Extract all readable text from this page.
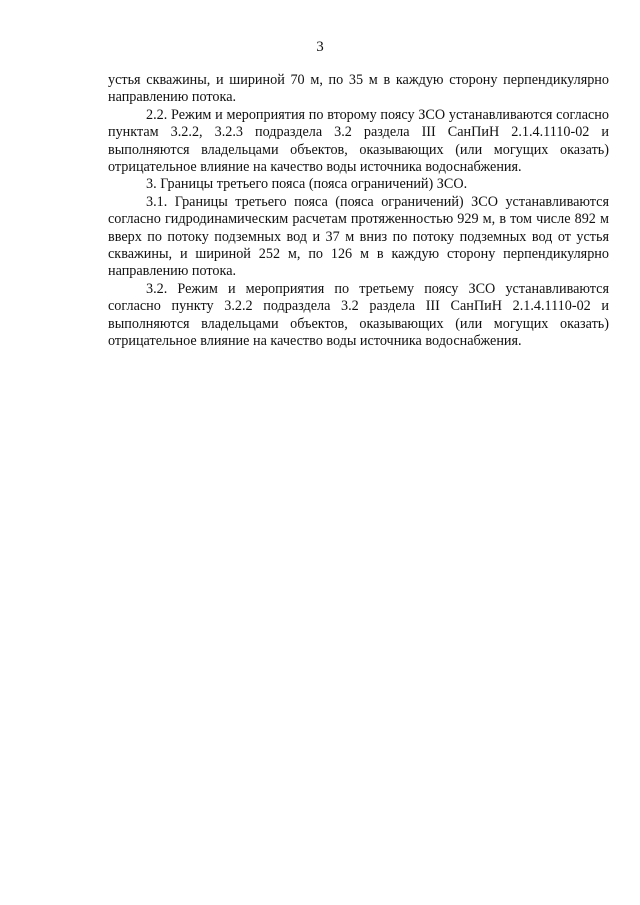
3

устья скважины, и шириной 70 м, по 35 м в каждую сторону перпендикулярно направлению потока.

2.2. Режим и мероприятия по второму поясу ЗСО устанавливаются согласно пунктам 3.2.2, 3.2.3 подраздела 3.2 раздела III СанПиН 2.1.4.1110-02 и выполняются владельцами объектов, оказывающих (или могущих оказать) отрицательное влияние на качество воды источника водоснабжения.

3. Границы третьего пояса (пояса ограничений) ЗСО.

3.1. Границы третьего пояса (пояса ограничений) ЗСО устанавливаются согласно гидродинамическим расчетам протяженностью 929 м, в том числе 892 м вверх по потоку подземных вод и 37 м вниз по потоку подземных вод от устья скважины, и шириной 252 м, по 126 м в каждую сторону перпендикулярно направлению потока.

3.2. Режим и мероприятия по третьему поясу ЗСО устанавливаются согласно пункту 3.2.2 подраздела 3.2 раздела III СанПиН 2.1.4.1110-02 и выполняются владельцами объектов, оказывающих (или могущих оказать) отрицательное влияние на качество воды источника водоснабжения.
